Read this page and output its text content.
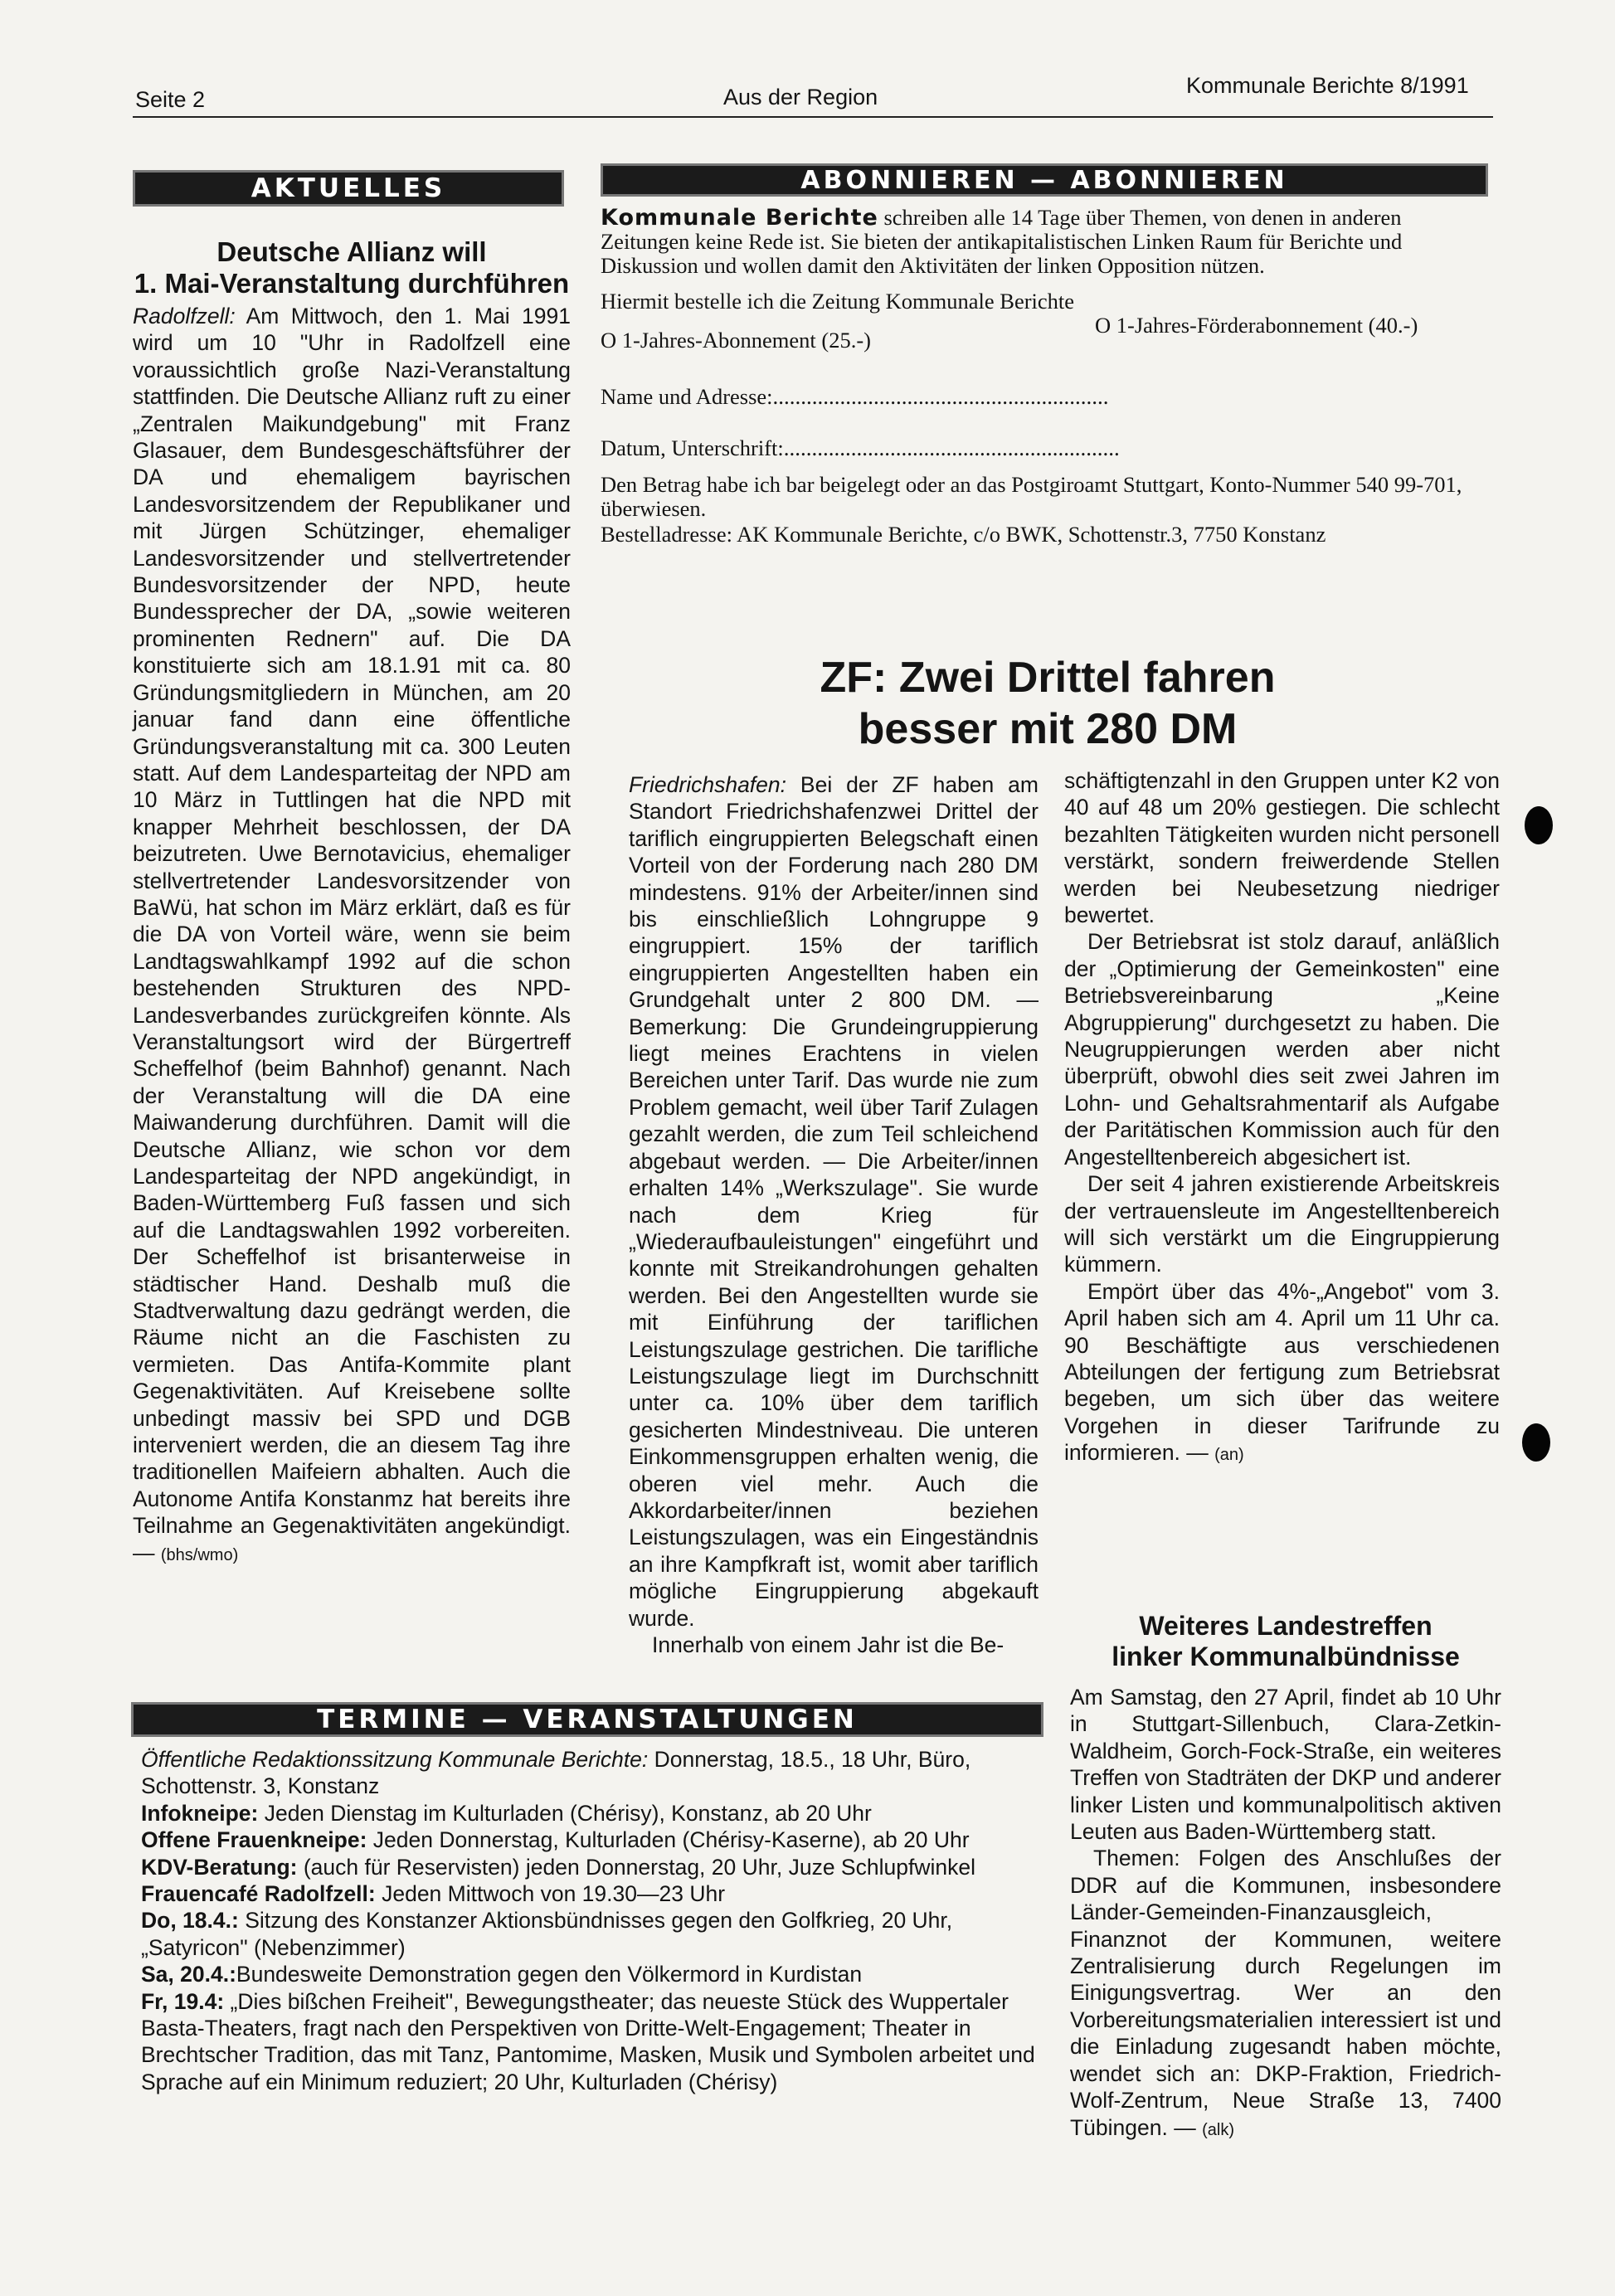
Seite 2	Aus der Region	Kommunale Berichte 8/1991
AKTUELLES
Deutsche Allianz will
1. Mai-Veranstaltung durchführen

Radolfzell: Am Mittwoch, den 1. Mai 1991 wird um 10 "Uhr in Radolfzell eine voraussichtlich große Nazi-Veranstaltung stattfinden. Die Deutsche Allianz ruft zu einer „Zentralen Maikundgebung" mit Franz Glasauer, dem Bundesgeschäftsführer der DA und ehemaligem bayrischen Landesvorsitzendem der Republikaner und mit Jürgen Schützinger, ehemaliger Landesvorsitzender und stellvertretender Bundesvorsitzender der NPD, heute Bundessprecher der DA, „sowie weiteren prominenten Rednern" auf. Die DA konstituierte sich am 18.1.91 mit ca. 80 Gründungsmitgliedern in München, am 20 januar fand dann eine öffentliche Gründungsveranstaltung mit ca. 300 Leuten statt. Auf dem Landesparteitag der NPD am 10 März in Tuttlingen hat die NPD mit knapper Mehrheit beschlossen, der DA beizutreten. Uwe Bernotavicius, ehemaliger stellvertretender Landesvorsitzender von BaWü, hat schon im März erklärt, daß es für die DA von Vorteil wäre, wenn sie beim Landtagswahlkampf 1992 auf die schon bestehenden Strukturen des NPD-Landesverbandes zurückgreifen könnte. Als Veranstaltungsort wird der Bürgertreff Scheffelhof (beim Bahnhof) genannt. Nach der Veranstaltung will die DA eine Maiwanderung durchführen. Damit will die Deutsche Allianz, wie schon vor dem Landesparteitag der NPD angekündigt, in Baden-Württemberg Fuß fassen und sich auf die Landtagswahlen 1992 vorbereiten. Der Scheffelhof ist brisanterweise in städtischer Hand. Deshalb muß die Stadtverwaltung dazu gedrängt werden, die Räume nicht an die Faschisten zu vermieten. Das Antifa-Kommite plant Gegenaktivitäten. Auf Kreisebene sollte unbedingt massiv bei SPD und DGB interveniert werden, die an diesem Tag ihre traditionellen Maifeiern abhalten. Auch die Autonome Antifa Konstanmz hat bereits ihre Teilnahme an Gegenaktivitäten angekündigt. — (bhs/wmo)

ABONNIEREN — ABONNIEREN

Kommunale Berichte schreiben alle 14 Tage über Themen, von denen in anderen Zeitungen keine Rede ist. Sie bieten der antikapitalistischen Linken Raum für Berichte und Diskussion und wollen damit den Aktivitäten der linken Opposition nützen.

Hiermit bestelle ich die Zeitung Kommunale Berichte

O 1-Jahres-Abonnement (25.-)
O 1-Jahres-Förderabonnement (40.-)
Name und Adresse:............................................................
Datum, Unterschrift:............................................................

Den Betrag habe ich bar beigelegt oder an das Postgiroamt Stuttgart, Konto-Nummer 540 99-701, überwiesen.

Bestelladresse: AK Kommunale Berichte, c/o BWK, Schottenstr.3, 7750 Konstanz

ZF: Zwei Drittel fahren
besser mit 280 DM

Friedrichshafen: Bei der ZF haben am Standort Friedrichshafenzwei Drittel der tariflich eingruppierten Belegschaft einen Vorteil von der Forderung nach 280 DM mindestens. 91% der Arbeiter/innen sind bis einschließlich Lohngruppe 9 eingruppiert. 15% der tariflich eingruppierten Angestellten haben ein Grundgehalt unter 2 800 DM. — Bemerkung: Die Grundeingruppierung liegt meines Erachtens in vielen Bereichen unter Tarif. Das wurde nie zum Problem gemacht, weil über Tarif Zulagen gezahlt werden, die zum Teil schleichend abgebaut werden. — Die Arbeiter/innen erhalten 14% „Werkszulage". Sie wurde nach dem Krieg für „Wiederaufbauleistungen" eingeführt und konnte mit Streikandrohungen gehalten werden. Bei den Angestellten wurde sie mit Einführung der tariflichen Leistungszulage gestrichen. Die tarifliche Leistungszulage liegt im Durchschnitt unter ca. 10% über dem tariflich gesicherten Mindestniveau. Die unteren Einkommensgruppen erhalten wenig, die oberen viel mehr. Auch die Akkordarbeiter/innen beziehen Leistungszulagen, was ein Eingeständnis an ihre Kampfkraft ist, womit aber tariflich mögliche Eingruppierung abgekauft wurde.

Innerhalb von einem Jahr ist die Be-

schäftigtenzahl in den Gruppen unter K2 von 40 auf 48 um 20% gestiegen. Die schlecht bezahlten Tätigkeiten wurden nicht personell verstärkt, sondern freiwerdende Stellen werden bei Neubesetzung niedriger bewertet.

Der Betriebsrat ist stolz darauf, anläßlich der „Optimierung der Gemeinkosten" eine Betriebsvereinbarung „Keine Abgruppierung" durchgesetzt zu haben. Die Neugruppierungen werden aber nicht überprüft, obwohl dies seit zwei Jahren im Lohn- und Gehaltsrahmentarif als Aufgabe der Paritätischen Kommission auch für den Angestelltenbereich abgesichert ist.

Der seit 4 jahren existierende Arbeitskreis der vertrauensleute im Angestelltenbereich will sich verstärkt um die Eingruppierung kümmern.

Empört über das 4%-„Angebot" vom 3. April haben sich am 4. April um 11 Uhr ca. 90 Beschäftigte aus verschiedenen Abteilungen der fertigung zum Betriebsrat begeben, um sich über das weitere Vorgehen in dieser Tarifrunde zu informieren. — (an)

TERMINE — VERANSTALTUNGEN

Öffentliche Redaktionssitzung Kommunale Berichte: Donnerstag, 18.5., 18 Uhr, Büro, Schottenstr. 3, Konstanz

Infokneipe: Jeden Dienstag im Kulturladen (Chérisy), Konstanz, ab 20 Uhr

Offene Frauenkneipe: Jeden Donnerstag, Kulturladen (Chérisy-Kaserne), ab 20 Uhr

KDV-Beratung: (auch für Reservisten) jeden Donnerstag, 20 Uhr, Juze Schlupfwinkel

Frauencafé Radolfzell: Jeden Mittwoch von 19.30—23 Uhr

Do, 18.4.: Sitzung des Konstanzer Aktionsbündnisses gegen den Golfkrieg, 20 Uhr, „Satyricon" (Nebenzimmer)

Sa, 20.4.:Bundesweite Demonstration gegen den Völkermord in Kurdistan

Fr, 19.4: „Dies bißchen Freiheit", Bewegungstheater; das neueste Stück des Wuppertaler Basta-Theaters, fragt nach den Perspektiven von Dritte-Welt-Engagement; Theater in Brechtscher Tradition, das mit Tanz, Pantomime, Masken, Musik und Symbolen arbeitet und Sprache auf ein Minimum reduziert; 20 Uhr, Kulturladen (Chérisy)

Weiteres Landestreffen
linker Kommunalbündnisse

Am Samstag, den 27 April, findet ab 10 Uhr in Stuttgart-Sillenbuch, Clara-Zetkin-Waldheim, Gorch-Fock-Straße, ein weiteres Treffen von Stadträten der DKP und anderer linker Listen und kommunalpolitisch aktiven Leuten aus Baden-Württemberg statt.

Themen: Folgen des Anschlußes der DDR auf die Kommunen, insbesondere Länder-Gemeinden-Finanzausgleich, Finanznot der Kommunen, weitere Zentralisierung durch Regelungen im Einigungsvertrag. Wer an den Vorbereitungsmaterialien interessiert ist und die Einladung zugesandt haben möchte, wendet sich an: DKP-Fraktion, Friedrich-Wolf-Zentrum, Neue Straße 13, 7400 Tübingen. — (alk)
